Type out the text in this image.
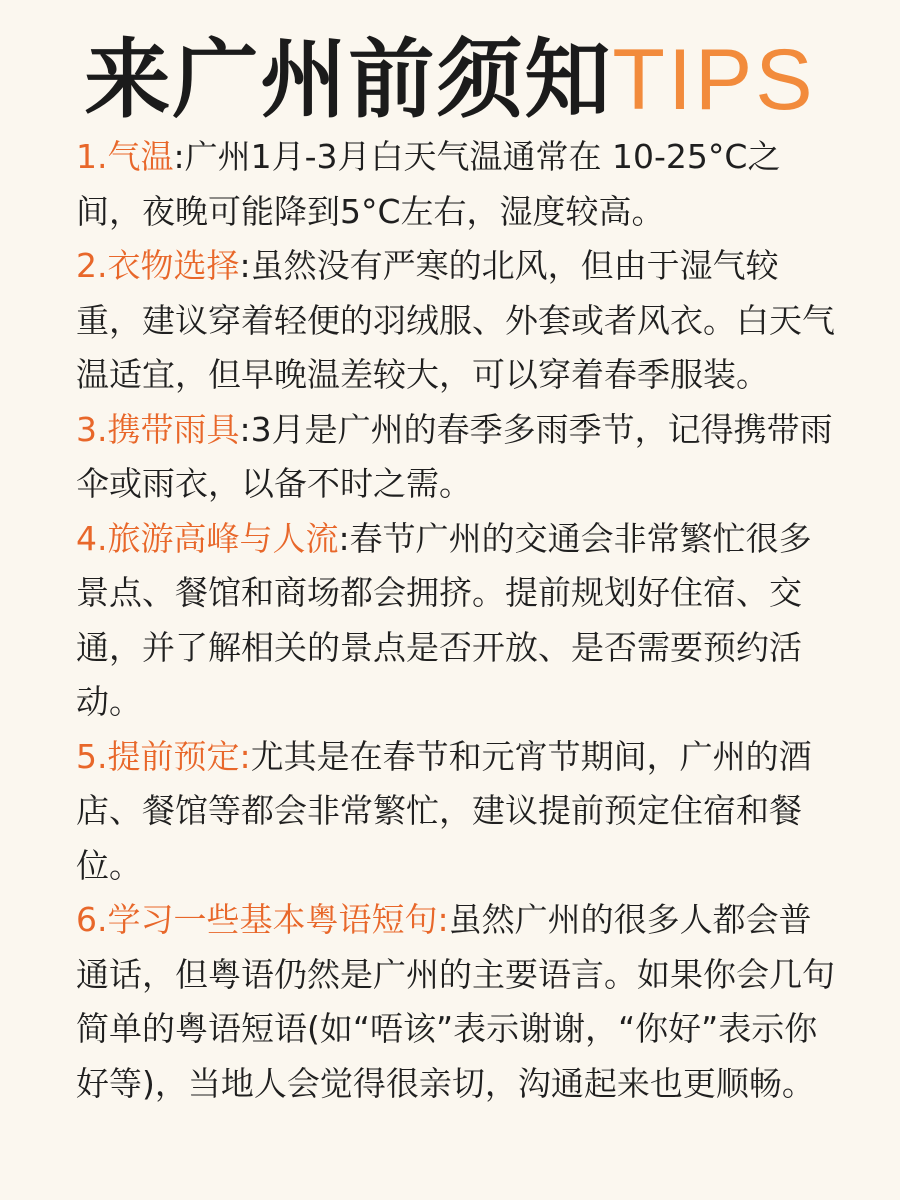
来广州前须知TIPS

1.气温:广州1月-3月白天气温通常在 10-25°C之间，夜晚可能降到5°C左右，湿度较高。

2.衣物选择:虽然没有严寒的北风，但由于湿气较重，建议穿着轻便的羽绒服、外套或者风衣。白天气温适宜，但早晚温差较大，可以穿着春季服装。

3.携带雨具:3月是广州的春季多雨季节，记得携带雨伞或雨衣，以备不时之需。

4.旅游高峰与人流:春节广州的交通会非常繁忙很多景点、餐馆和商场都会拥挤。提前规划好住宿、交通，并了解相关的景点是否开放、是否需要预约活动。

5.提前预定:尤其是在春节和元宵节期间，广州的酒店、餐馆等都会非常繁忙，建议提前预定住宿和餐位。

6.学习一些基本粤语短句:虽然广州的很多人都会普通话，但粤语仍然是广州的主要语言。如果你会几句简单的粤语短语(如“唔该”表示谢谢，“你好”表示你好等)，当地人会觉得很亲切，沟通起来也更顺畅。
